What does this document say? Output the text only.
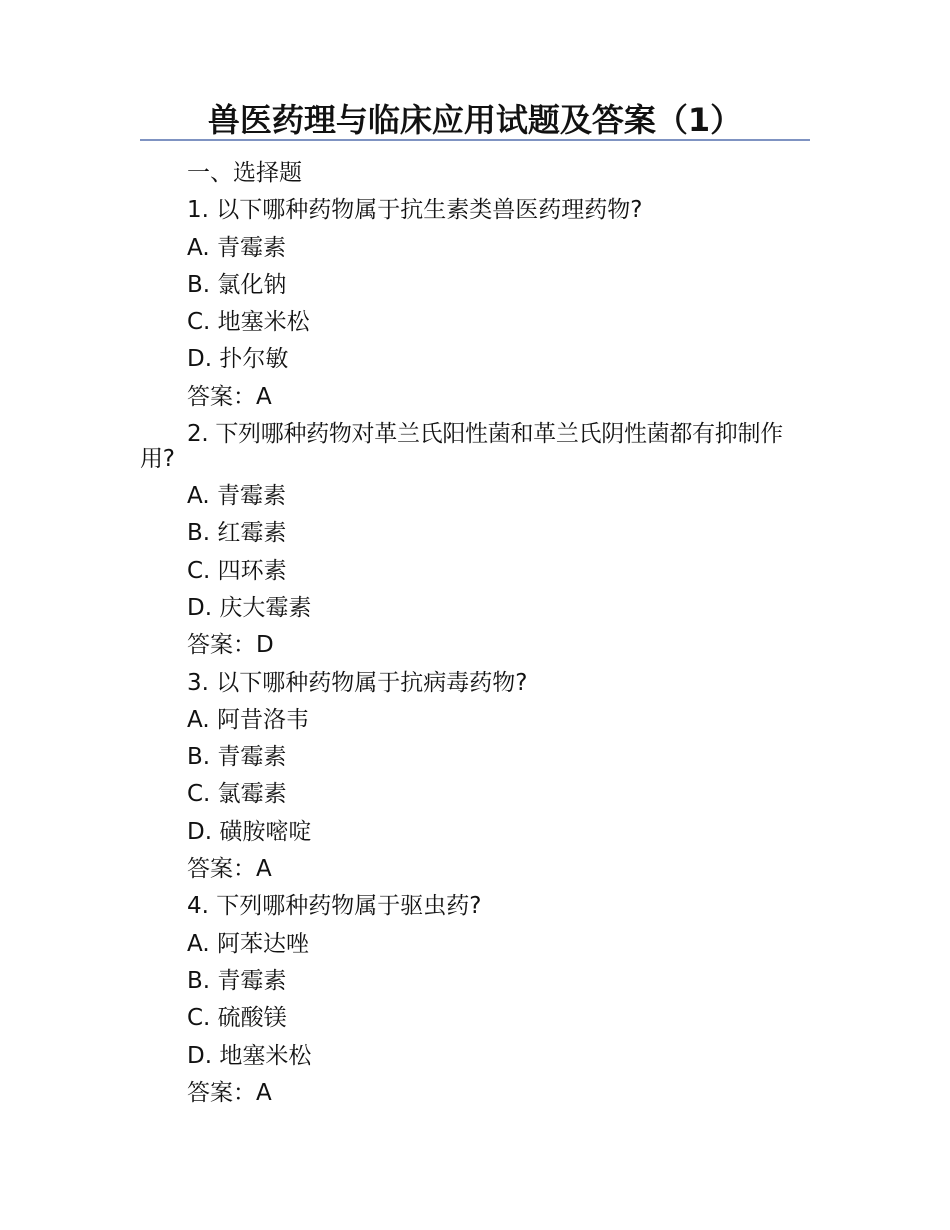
兽医药理与临床应用试题及答案（1）

一、选择题

1. 以下哪种药物属于抗生素类兽医药理药物?

A. 青霉素

B. 氯化钠

C. 地塞米松

D. 扑尔敏

答案：A

2. 下列哪种药物对革兰氏阳性菌和革兰氏阴性菌都有抑制作用?

A. 青霉素

B. 红霉素

C. 四环素

D. 庆大霉素

答案：D

3. 以下哪种药物属于抗病毒药物?

A. 阿昔洛韦

B. 青霉素

C. 氯霉素

D. 磺胺嘧啶

答案：A

4. 下列哪种药物属于驱虫药?

A. 阿苯达唑

B. 青霉素

C. 硫酸镁

D. 地塞米松

答案：A
